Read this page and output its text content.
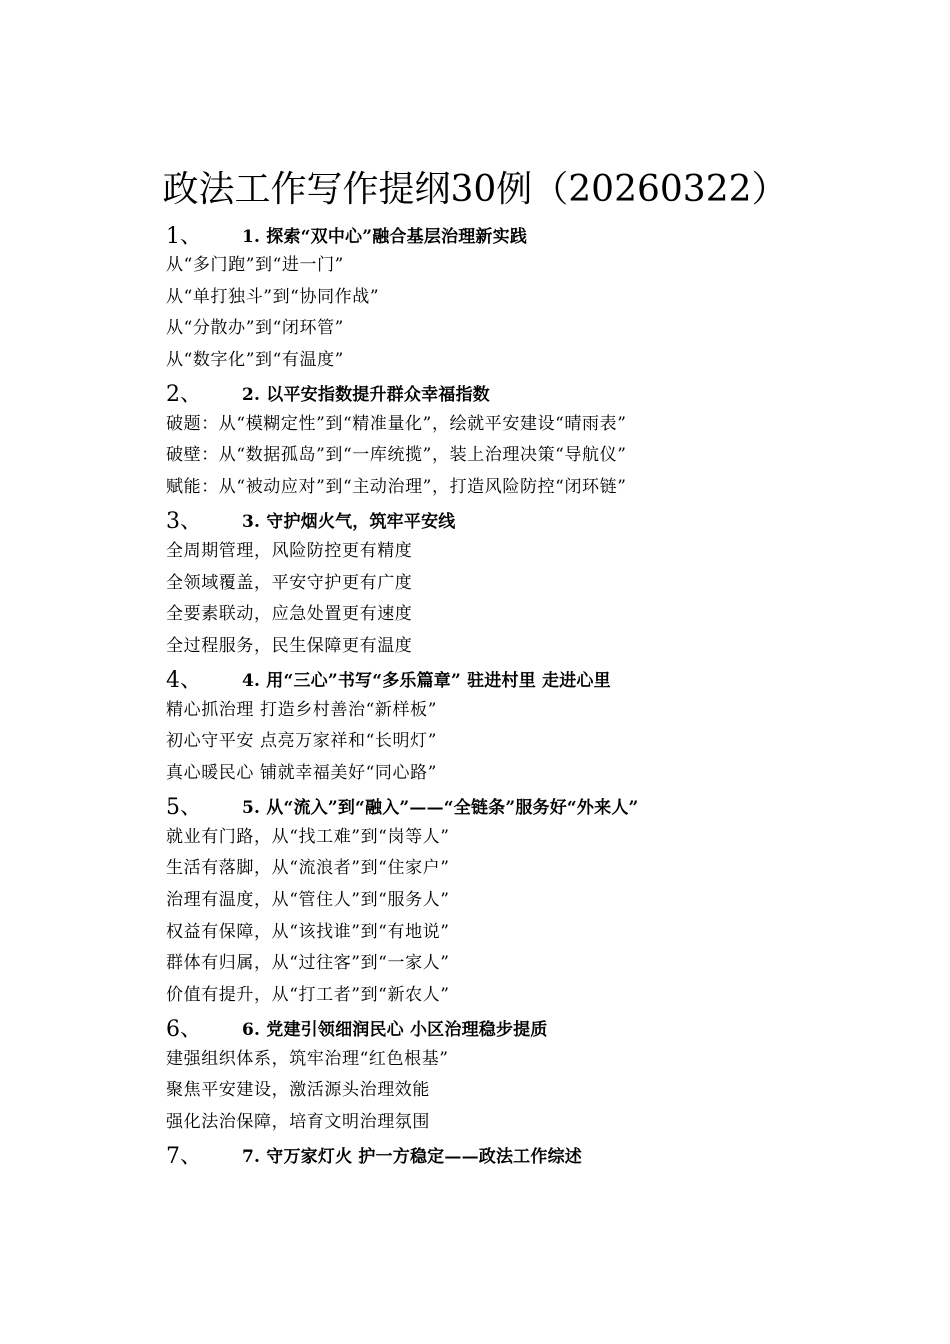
政法工作写作提纲30例（20260322）
1、	1. 探索“双中心”融合基层治理新实践
从“多门跑”到“进一门”
从“单打独斗”到“协同作战”
从“分散办”到“闭环管”
从“数字化”到“有温度”
2、	2. 以平安指数提升群众幸福指数
破题：从“模糊定性”到“精准量化”，绘就平安建设“晴雨表”
破壁：从“数据孤岛”到“一库统揽”，装上治理决策“导航仪”
赋能：从“被动应对”到“主动治理”，打造风险防控“闭环链”
3、	3. 守护烟火气，筑牢平安线
全周期管理，风险防控更有精度
全领域覆盖，平安守护更有广度
全要素联动，应急处置更有速度
全过程服务，民生保障更有温度
4、	4. 用“三心”书写“多乐篇章” 驻进村里 走进心里
精心抓治理 打造乡村善治“新样板”
初心守平安 点亮万家祥和“长明灯”
真心暖民心 铺就幸福美好“同心路”
5、	5. 从“流入”到“融入”——“全链条”服务好“外来人”
就业有门路，从“找工难”到“岗等人”
生活有落脚，从“流浪者”到“住家户”
治理有温度，从“管住人”到“服务人”
权益有保障，从“该找谁”到“有地说”
群体有归属，从“过往客”到“一家人”
价值有提升，从“打工者”到“新农人”
6、	6. 党建引领细润民心 小区治理稳步提质
建强组织体系，筑牢治理“红色根基”
聚焦平安建设，激活源头治理效能
强化法治保障，培育文明治理氛围
7、	7. 守万家灯火 护一方稳定——政法工作综述
